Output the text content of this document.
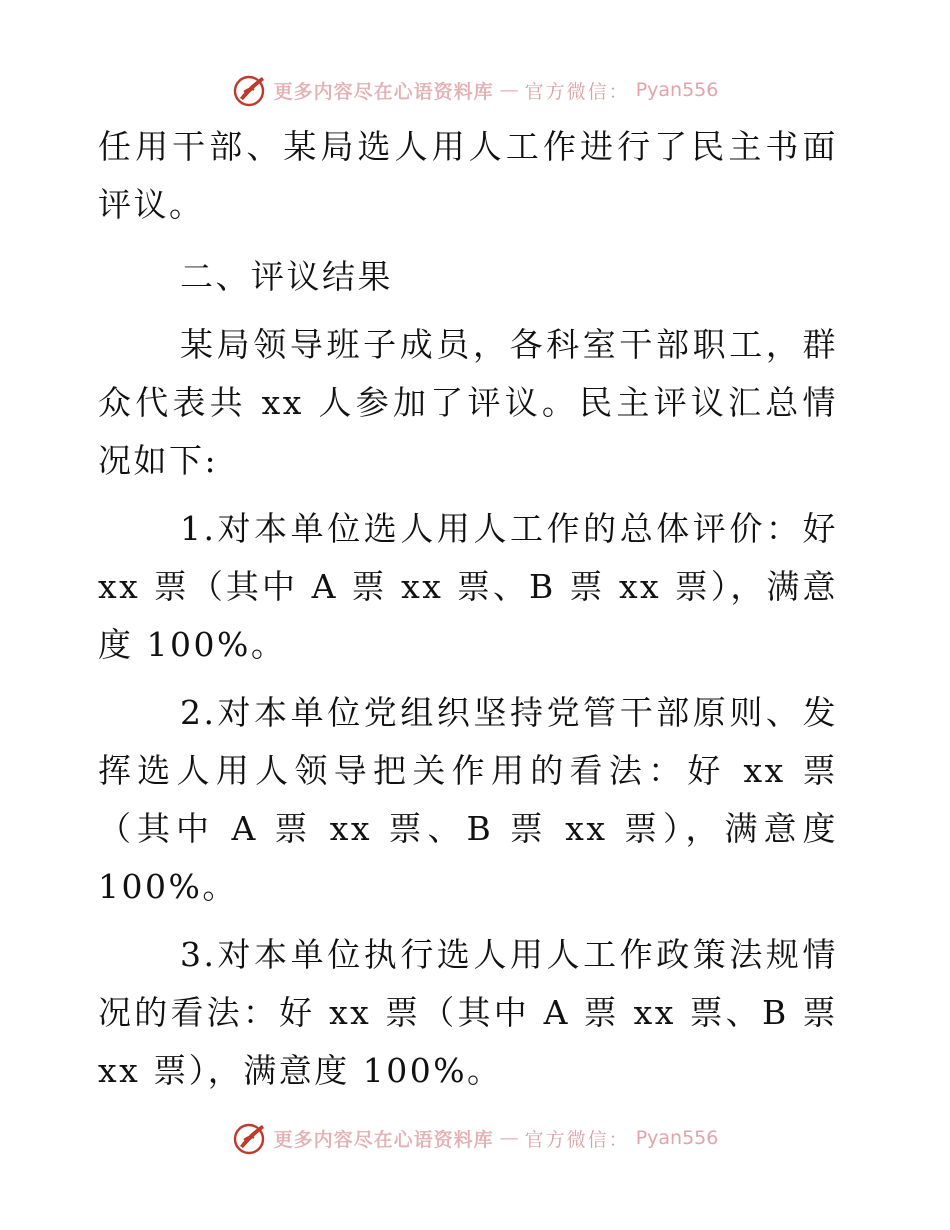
更多内容尽在心语资料库 — 官方微信： Pyan556

任用干部、某局选人用人工作进行了民主书面评议。

二、评议结果

某局领导班子成员，各科室干部职工，群众代表共 xx 人参加了评议。民主评议汇总情况如下:

1.对本单位选人用人工作的总体评价：好 xx 票（其中 A 票 xx 票、B 票 xx 票），满意度 100%。

2.对本单位党组织坚持党管干部原则、发挥选人用人领导把关作用的看法：好 xx 票（其中 A 票 xx 票、B 票 xx 票），满意度 100%。

3.对本单位执行选人用人工作政策法规情况的看法：好 xx 票（其中 A 票 xx 票、B 票 xx 票），满意度 100%。

更多内容尽在心语资料库 — 官方微信： Pyan556
